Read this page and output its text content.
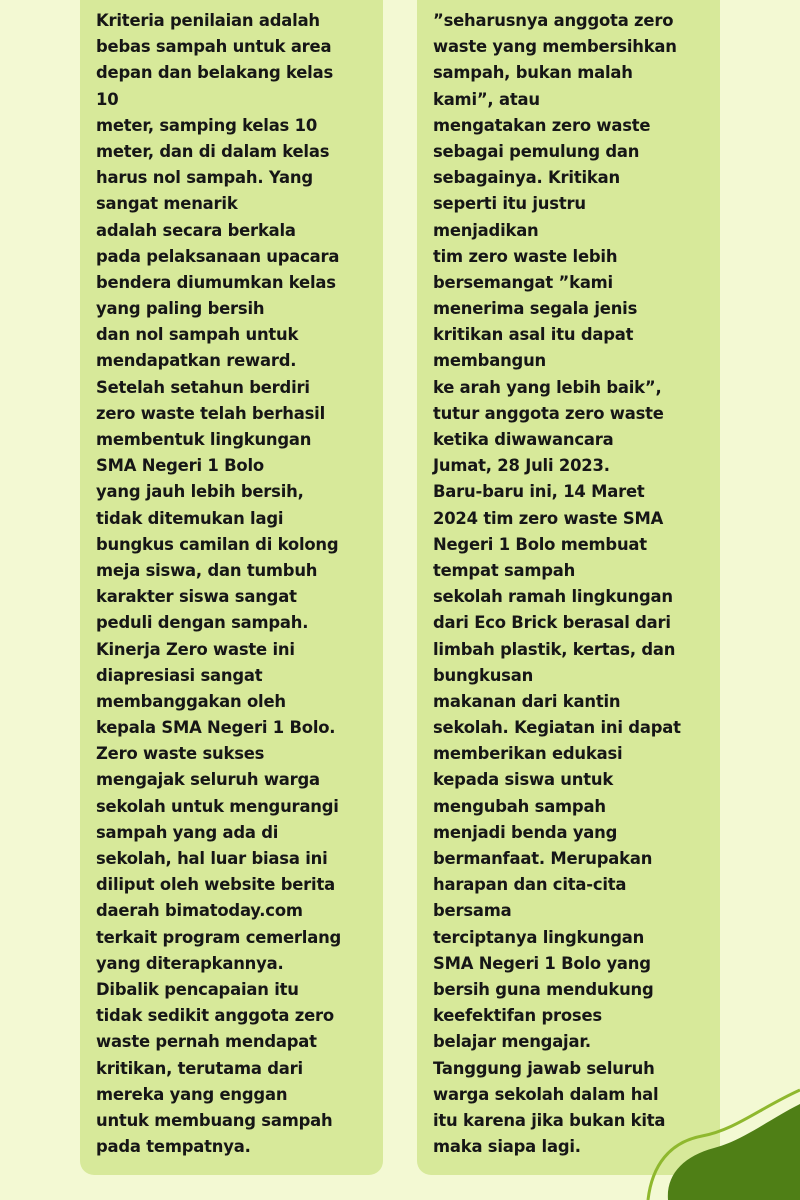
Kriteria penilaian adalah
bebas sampah untuk area
depan dan belakang kelas
10
meter, samping kelas 10
meter, dan di dalam kelas
harus nol sampah. Yang
sangat menarik
adalah secara berkala
pada pelaksanaan upacara
bendera diumumkan kelas
yang paling bersih
dan nol sampah untuk
mendapatkan reward.
Setelah setahun berdiri
zero waste telah berhasil
membentuk lingkungan
SMA Negeri 1 Bolo
yang jauh lebih bersih,
tidak ditemukan lagi
bungkus camilan di kolong
meja siswa, dan tumbuh
karakter siswa sangat
peduli dengan sampah.
Kinerja Zero waste ini
diapresiasi sangat
membanggakan oleh
kepala SMA Negeri 1 Bolo.
Zero waste sukses
mengajak seluruh warga
sekolah untuk mengurangi
sampah yang ada di
sekolah, hal luar biasa ini
diliput oleh website berita
daerah bimatoday.com
terkait program cemerlang
yang diterapkannya.
Dibalik pencapaian itu
tidak sedikit anggota zero
waste pernah mendapat
kritikan, terutama dari
mereka yang enggan
untuk membuang sampah
pada tempatnya.
”seharusnya anggota zero
waste yang membersihkan
sampah, bukan malah
kami”, atau
mengatakan zero waste
sebagai pemulung dan
sebagainya. Kritikan
seperti itu justru
menjadikan
tim zero waste lebih
bersemangat ”kami
menerima segala jenis
kritikan asal itu dapat
membangun
ke arah yang lebih baik”,
tutur anggota zero waste
ketika diwawancara
Jumat, 28 Juli 2023.
Baru-baru ini, 14 Maret
2024 tim zero waste SMA
Negeri 1 Bolo membuat
tempat sampah
sekolah ramah lingkungan
dari Eco Brick berasal dari
limbah plastik, kertas, dan
bungkusan
makanan dari kantin
sekolah. Kegiatan ini dapat
memberikan edukasi
kepada siswa untuk
mengubah sampah
menjadi benda yang
bermanfaat. Merupakan
harapan dan cita-cita
bersama
terciptanya lingkungan
SMA Negeri 1 Bolo yang
bersih guna mendukung
keefektifan proses
belajar mengajar.
Tanggung jawab seluruh
warga sekolah dalam hal
itu karena jika bukan kita
maka siapa lagi.
